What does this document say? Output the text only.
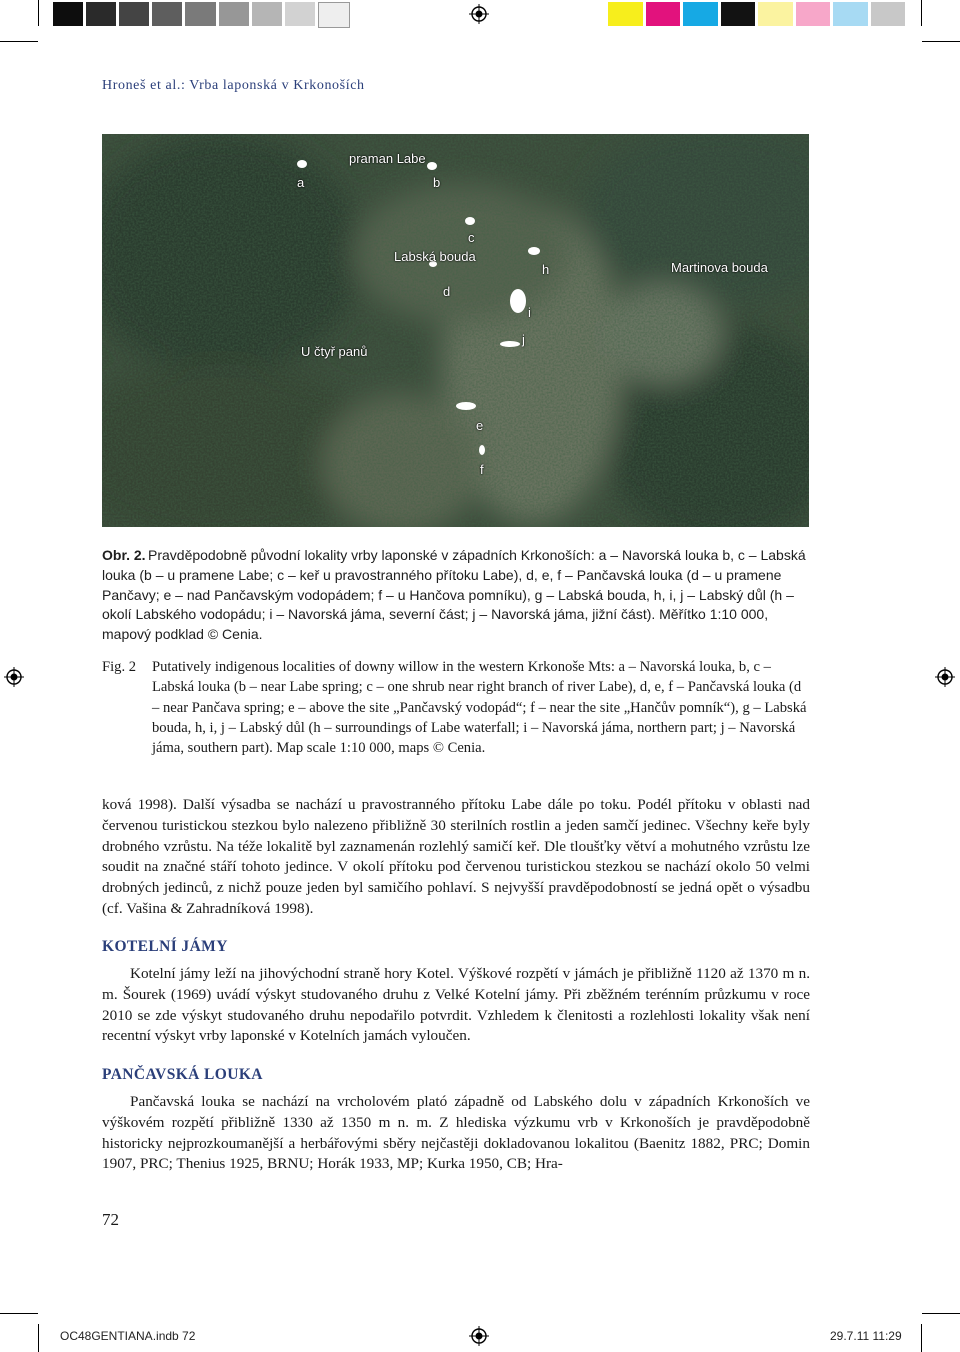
Hroneš et al.: Vrba laponská v Krkonoších
praman Labe
a	b
c
Labská bouda
h	Martinova bouda
d
i
j
U čtyř panů
e
f
Obr. 2. Pravděpodobně původní lokality vrby laponské v západních Krkonoších: a – Navorská louka b, c – Labská louka (b – u pramene Labe; c – keř u pravostranného přítoku Labe), d, e, f – Pančavská louka (d – u pramene Pančavy; e – nad Pančavským vodopádem; f – u Hančova pomníku), g – Labská bouda, h, i, j – Labský důl (h – okolí Labského vodopádu; i – Navorská jáma, severní část; j – Navorská jáma, jižní část). Měřítko 1:10 000, mapový podklad © Cenia.
Fig. 2 Putatively indigenous localities of downy willow in the western Krkonoše Mts: a – Navorská louka, b, c – Labská louka (b – near Labe spring; c – one shrub near right branch of river Labe), d, e, f – Pančavská louka (d – near Pančava spring; e – above the site „Pančavský vodopád“; f – near the site „Hančův pomník“), g – Labská bouda, h, i, j – Labský důl (h – surroundings of Labe waterfall; i – Navorská jáma, northern part; j – Navorská jáma, southern part). Map scale 1:10 000, maps © Cenia.
ková 1998). Další výsadba se nachází u pravostranného přítoku Labe dále po toku. Podél přítoku v oblasti nad červenou turistickou stezkou bylo nalezeno přibližně 30 sterilních rostlin a jeden samčí jedinec. Všechny keře byly drobného vzrůstu. Na téže lokalitě byl zaznamenán rozlehlý samičí keř. Dle tloušťky větví a mohutného vzrůstu lze soudit na značné stáří tohoto jedince. V okolí přítoku pod červenou turistickou stezkou se nachází okolo 50 velmi drobných jedinců, z nichž pouze jeden byl samičího pohlaví. S nejvyšší pravděpodobností se jedná opět o výsadbu (cf. Vašina & Zahradníková 1998).
KOTELNÍ JÁMY
Kotelní jámy leží na jihovýchodní straně hory Kotel. Výškové rozpětí v jámách je přibližně 1120 až 1370 m n. m. Šourek (1969) uvádí výskyt studovaného druhu z Velké Kotelní jámy. Při zběžném terénním průzkumu v roce 2010 se zde výskyt studovaného druhu nepodařilo potvrdit. Vzhledem k členitosti a rozlehlosti lokality však není recentní výskyt vrby laponské v Kotelních jamách vyloučen.
PANČAVSKÁ LOUKA
Pančavská louka se nachází na vrcholovém plató západně od Labského dolu v západních Krkonoších ve výškovém rozpětí přibližně 1330 až 1350 m n. m. Z hlediska výzkumu vrb v Krkonoších je pravděpodobně historicky nejprozkoumanější a herbářovými sběry nejčastěji dokladovanou lokalitou (Baenitz 1882, PRC; Domin 1907, PRC; Thenius 1925, BRNU; Horák 1933, MP; Kurka 1950, CB; Hra-
72
OC48GENTIANA.indb 72	29.7.11 11:29
